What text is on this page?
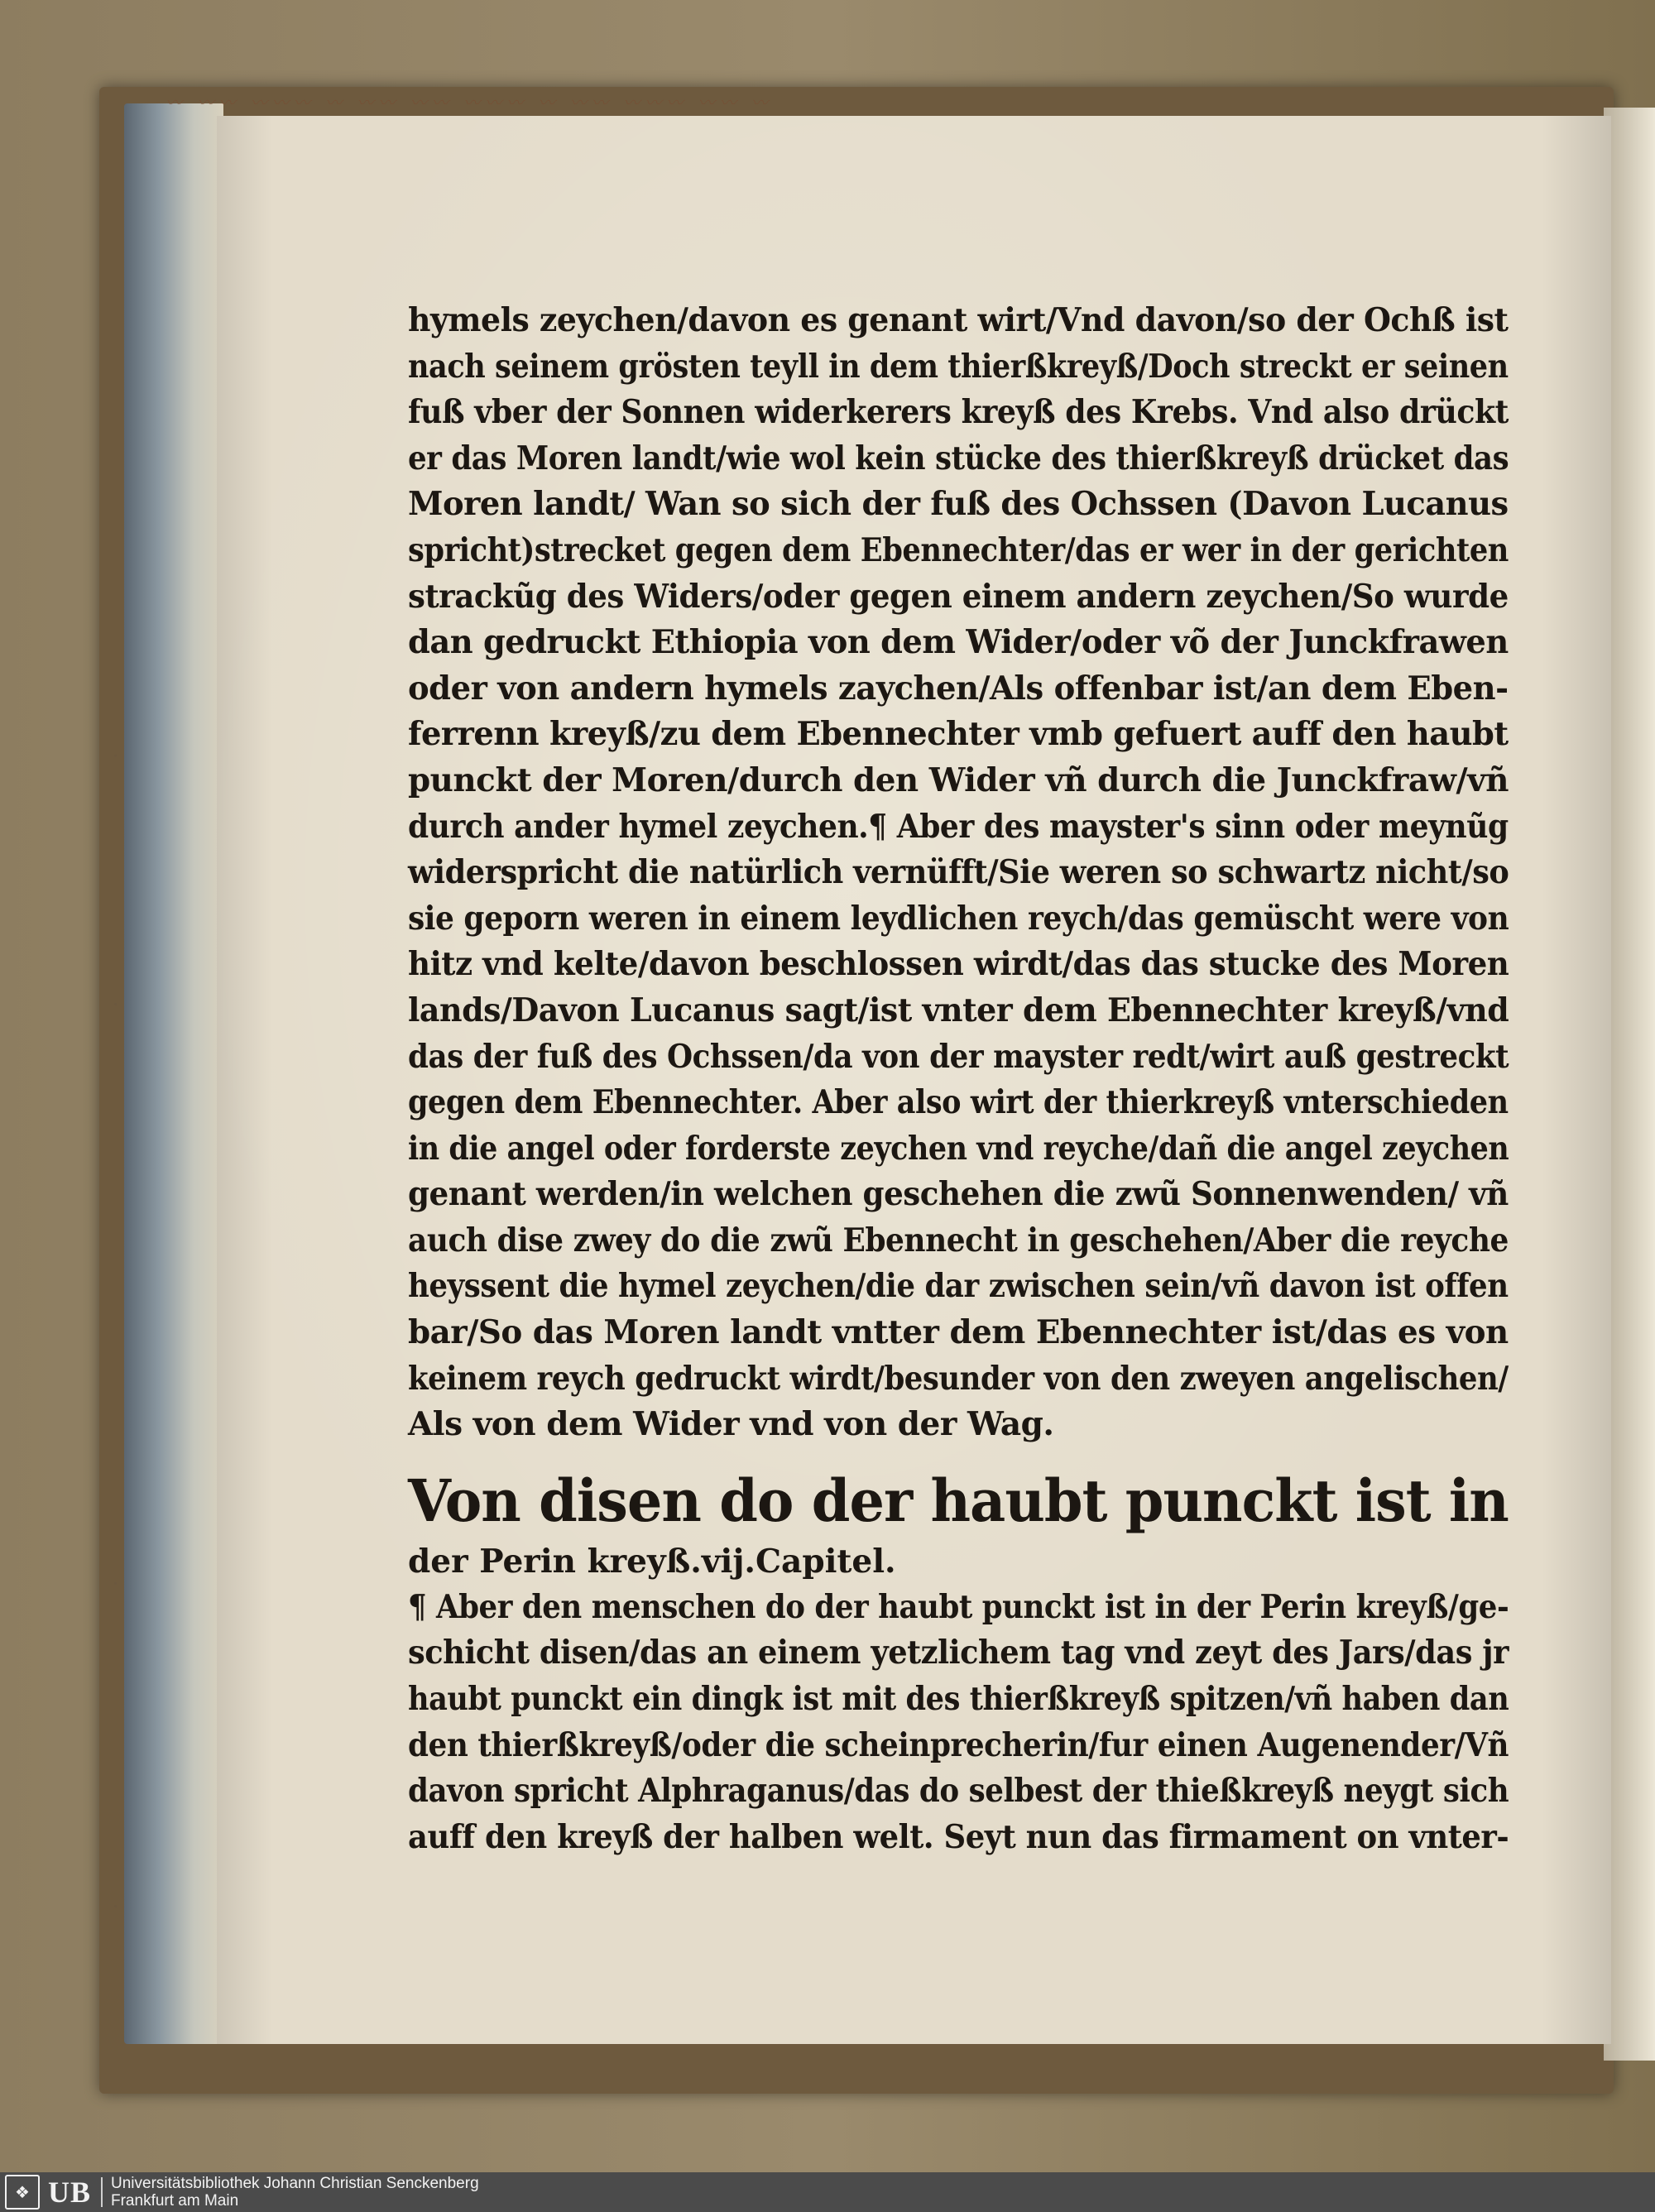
〰 〰〰 〰〰〰 〰 〰〰 〰〰 〰〰〰 〰 〰〰 〰〰〰 〰〰 〰
hymels zeychen/davon es genant wirt/Vnd davon/so der Ochß ist
nach seinem grösten teyll in dem thierßkreyß/Doch streckt er seinen
fuß vber der Sonnen widerkerers kreyß des Krebs. Vnd also drückt
er das Moren landt/wie wol kein stücke des thierßkreyß drücket das
Moren landt/ Wan so sich der fuß des Ochssen (Davon Lucanus
spricht)strecket gegen dem Ebennechter/das er wer in der gerichten
strackũg des Widers/oder gegen einem andern zeychen/So wurde
dan gedruckt Ethiopia von dem Wider/oder võ der Junckfrawen
oder von andern hymels zaychen/Als offenbar ist/an dem Eben-
ferrenn kreyß/zu dem Ebennechter vmb gefuert auff den haubt
punckt der Moren/durch den Wider vñ durch die Junckfraw/vñ
durch ander hymel zeychen.¶ Aber des mayster's sinn oder meynũg
widerspricht die natürlich vernüfft/Sie weren so schwartz nicht/so
sie geporn weren in einem leydlichen reych/das gemüscht were von
hitz vnd kelte/davon beschlossen wirdt/das das stucke des Moren
lands/Davon Lucanus sagt/ist vnter dem Ebennechter kreyß/vnd
das der fuß des Ochssen/da von der mayster redt/wirt auß gestreckt
gegen dem Ebennechter. Aber also wirt der thierkreyß vnterschieden
in die angel oder forderste zeychen vnd reyche/dañ die angel zeychen
genant werden/in welchen geschehen die zwũ Sonnenwenden/ vñ
auch dise zwey do die zwũ Ebennecht in geschehen/Aber die reyche
heyssent die hymel zeychen/die dar zwischen sein/vñ davon ist offen
bar/So das Moren landt vntter dem Ebennechter ist/das es von
keinem reych gedruckt wirdt/besunder von den zweyen angelischen/
Als von dem Wider vnd von der Wag.
Von disen do der haubt punckt ist in
der Perin kreyß.vij.Capitel.
¶ Aber den menschen do der haubt punckt ist in der Perin kreyß/ge-
schicht disen/das an einem yetzlichem tag vnd zeyt des Jars/das jr
haubt punckt ein dingk ist mit des thierßkreyß spitzen/vñ haben dan
den thierßkreyß/oder die scheinprecherin/fur einen Augenender/Vñ
davon spricht Alphraganus/das do selbest der thießkreyß neygt sich
auff den kreyß der halben welt. Seyt nun das firmament on vnter-
❖ UB Universitätsbibliothek Johann Christian Senckenberg
Frankfurt am Main
·
·
·
·
